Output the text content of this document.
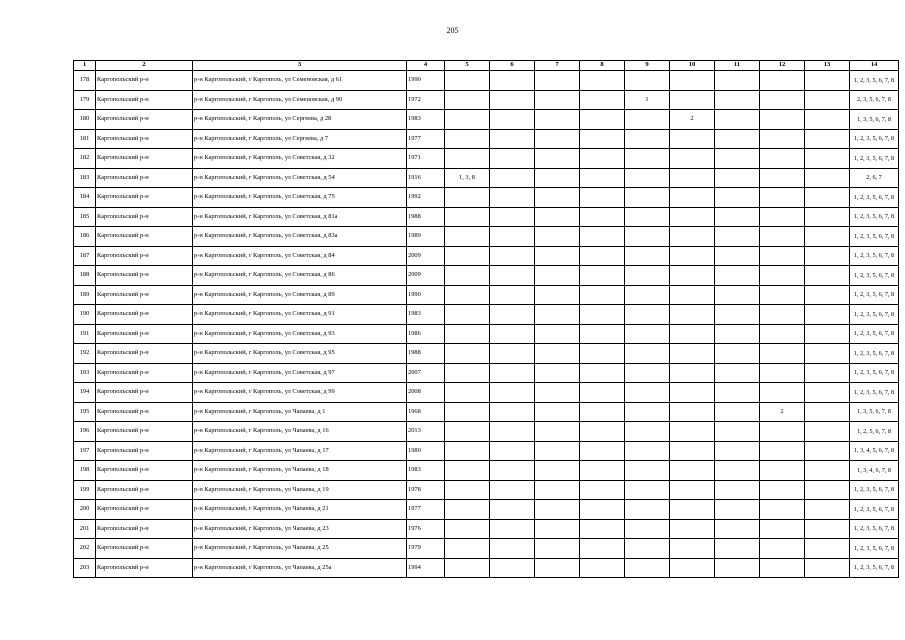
205
1	2	3	4	5	6	7	8	9	10	11	12	13	14
178	Каргопольский р-н	р-н Каргопольский, г Каргополь, ул Семеновская, д 61	1990										1, 2, 3, 5, 6, 7, 8
179	Каргопольский р-н	р-н Каргопольский, г Каргополь, ул Семеновская, д 90	1972					1					2, 3, 5, 6, 7, 8
180	Каргопольский р-н	р-н Каргопольский, г Каргополь, ул Сергеева, д 28	1983						2				1, 3, 5, 6, 7, 8
181	Каргопольский р-н	р-н Каргопольский, г Каргополь, ул Сергеева, д 7	1977										1, 2, 3, 5, 6, 7, 8
182	Каргопольский р-н	р-н Каргопольский, г Каргополь, ул Советская, д 32	1971										1, 2, 3, 5, 6, 7, 8
183	Каргопольский р-н	р-н Каргопольский, г Каргополь, ул Советская, д 54	1916	1, 3, 8									2, 6, 7
184	Каргопольский р-н	р-н Каргопольский, г Каргополь, ул Советская, д 75	1992										1, 2, 3, 5, 6, 7, 8
185	Каргопольский р-н	р-н Каргопольский, г Каргополь, ул Советская, д 81а	1988										1, 2, 3, 5, 6, 7, 8
186	Каргопольский р-н	р-н Каргопольский, г Каргополь, ул Советская, д 83а	1989										1, 2, 3, 5, 6, 7, 8
187	Каргопольский р-н	р-н Каргопольский, г Каргополь, ул Советская, д 84	2009										1, 2, 3, 5, 6, 7, 8
188	Каргопольский р-н	р-н Каргопольский, г Каргополь, ул Советская, д 86	2009										1, 2, 3, 5, 6, 7, 8
189	Каргопольский р-н	р-н Каргопольский, г Каргополь, ул Советская, д 89	1990										1, 2, 3, 5, 6, 7, 8
190	Каргопольский р-н	р-н Каргопольский, г Каргополь, ул Советская, д 91	1983										1, 2, 3, 5, 6, 7, 8
191	Каргопольский р-н	р-н Каргопольский, г Каргополь, ул Советская, д 93	1986										1, 2, 3, 5, 6, 7, 8
192	Каргопольский р-н	р-н Каргопольский, г Каргополь, ул Советская, д 95	1988										1, 2, 3, 5, 6, 7, 8
193	Каргопольский р-н	р-н Каргопольский, г Каргополь, ул Советская, д 97	2007										1, 2, 3, 5, 6, 7, 8
194	Каргопольский р-н	р-н Каргопольский, г Каргополь, ул Советская, д 99	2008										1, 2, 3, 5, 6, 7, 8
195	Каргопольский р-н	р-н Каргопольский, г Каргополь, ул Чапаева, д 1	1968								2		1, 3, 5, 6, 7, 8
196	Каргопольский р-н	р-н Каргопольский, г Каргополь, ул Чапаева, д 16	2013										1, 2, 5, 6, 7, 8
197	Каргопольский р-н	р-н Каргопольский, г Каргополь, ул Чапаева, д 17	1980										1, 3, 4, 5, 6, 7, 8
198	Каргопольский р-н	р-н Каргопольский, г Каргополь, ул Чапаева, д 18	1983										1, 3, 4, 6, 7, 8
199	Каргопольский р-н	р-н Каргопольский, г Каргополь, ул Чапаева, д 19	1978										1, 2, 3, 5, 6, 7, 8
200	Каргопольский р-н	р-н Каргопольский, г Каргополь, ул Чапаева, д 21	1977										1, 2, 3, 5, 6, 7, 8
201	Каргопольский р-н	р-н Каргопольский, г Каргополь, ул Чапаева, д 23	1976										1, 2, 3, 5, 6, 7, 8
202	Каргопольский р-н	р-н Каргопольский, г Каргополь, ул Чапаева, д 25	1979										1, 2, 3, 5, 6, 7, 8
203	Каргопольский р-н	р-н Каргопольский, г Каргополь, ул Чапаева, д 25а	1994										1, 2, 3, 5, 6, 7, 8
